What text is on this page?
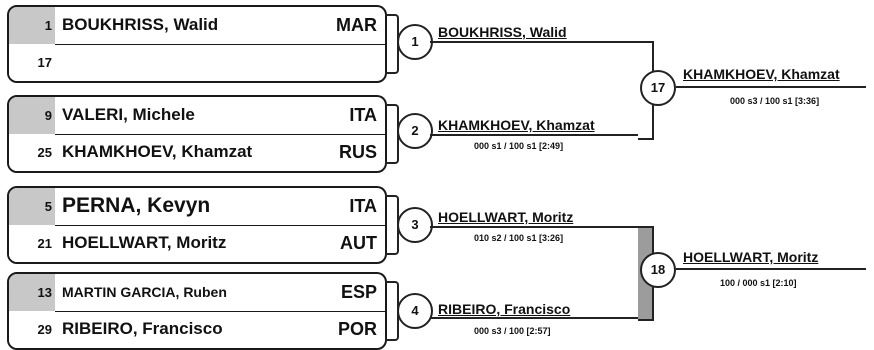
1 BOUKHRISS, Walid	MAR
17
9 VALERI, Michele	ITA
25 KHAMKHOEV, Khamzat	RUS
5 PERNA, Kevyn	ITA
21 HOELLWART, Moritz	AUT
13 MARTIN GARCIA, Ruben	ESP
29 RIBEIRO, Francisco	POR
1
2
3
4
BOUKHRISS, Walid
KHAMKHOEV, Khamzat
HOELLWART, Moritz
RIBEIRO, Francisco
000 s1 / 100 s1 [2:49]
010 s2 / 100 s1 [3:26]
000 s3 / 100 [2:57]
17
18
KHAMKHOEV, Khamzat
HOELLWART, Moritz
000 s3 / 100 s1 [3:36]
100 / 000 s1 [2:10]
